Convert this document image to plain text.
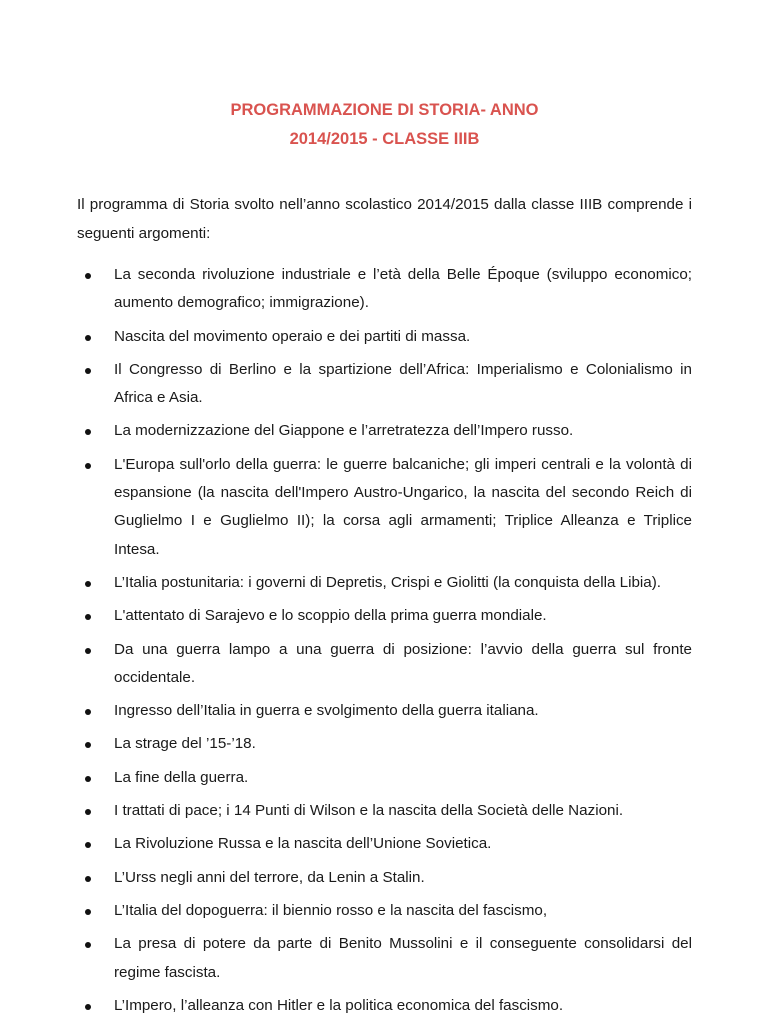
PROGRAMMAZIONE DI STORIA- ANNO
2014/2015 - CLASSE IIIB

Il programma di Storia svolto nell’anno scolastico 2014/2015 dalla classe IIIB comprende i seguenti argomenti:

La seconda rivoluzione industriale e l’età della Belle Époque (sviluppo economico; aumento demografico; immigrazione).
Nascita del movimento operaio e dei partiti di massa.
Il Congresso di Berlino e la spartizione dell’Africa: Imperialismo e Colonialismo in Africa e Asia.
La modernizzazione del Giappone e l’arretratezza dell’Impero russo.
L'Europa sull'orlo della guerra: le guerre balcaniche; gli imperi centrali e la volontà di espansione (la nascita dell'Impero Austro-Ungarico, la nascita del secondo Reich di Guglielmo I e Guglielmo II); la corsa agli armamenti; Triplice Alleanza e Triplice Intesa.
L’Italia postunitaria: i governi di Depretis, Crispi e Giolitti (la conquista della Libia).
L'attentato di Sarajevo e lo scoppio della prima guerra mondiale.
Da una guerra lampo a una guerra di posizione: l’avvio della guerra sul fronte occidentale.
Ingresso dell’Italia in guerra e svolgimento della guerra italiana.
La strage del ’15-’18.
La fine della guerra.
I trattati di pace; i 14 Punti di Wilson e la nascita della Società delle Nazioni.
La Rivoluzione Russa e la nascita dell’Unione Sovietica.
L’Urss negli anni del terrore, da Lenin a Stalin.
L’Italia del dopoguerra: il biennio rosso e la nascita del fascismo,
La presa di potere da parte di Benito Mussolini e il conseguente consolidarsi del regime fascista.
L’Impero, l’alleanza con Hitler e la politica economica del fascismo.
